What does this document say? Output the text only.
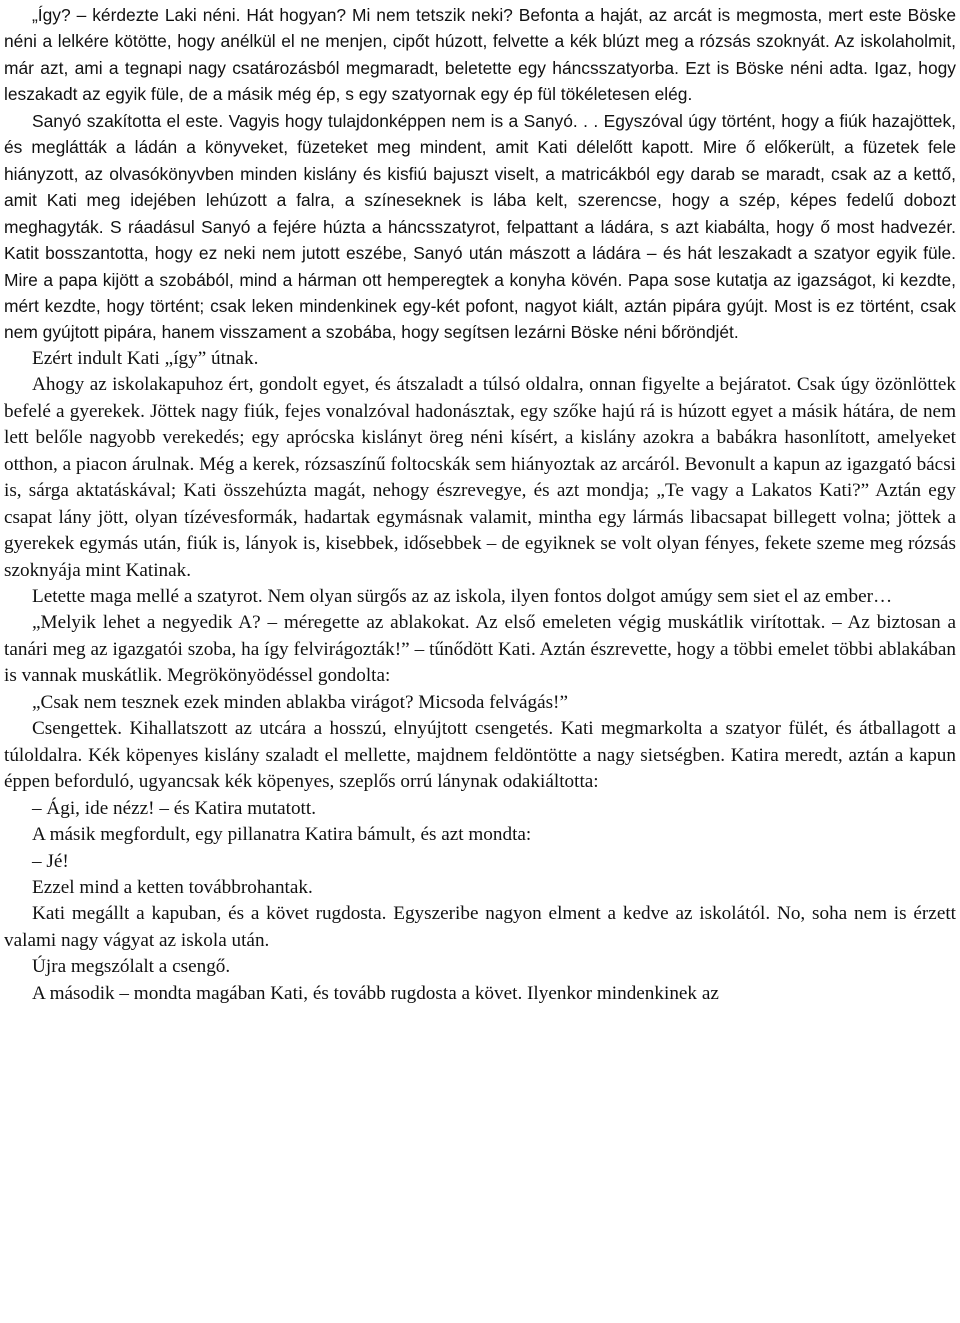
„Így? – kérdezte Laki néni. Hát hogyan? Mi nem tetszik neki? Befonta a haját, az arcát is megmosta, mert este Böske néni a lelkére kötötte, hogy anélkül el ne menjen, cipőt húzott, felvette a kék blúzt meg a rózsás szoknyát. Az iskolaholmit, már azt, ami a tegnapi nagy csatározásból megmaradt, beletette egy háncsszatyorba. Ezt is Böske néni adta. Igaz, hogy leszakadt az egyik füle, de a másik még ép, s egy szatyornak egy ép fül tökéletesen elég.

Sanyó szakította el este. Vagyis hogy tulajdonképpen nem is a Sanyó. . . Egyszóval úgy történt, hogy a fiúk hazajöttek, és meglátták a ládán a könyveket, füzeteket meg mindent, amit Kati délelőtt kapott. Mire ő előkerült, a füzetek fele hiányzott, az olvasókönyvben minden kislány és kisfiú bajuszt viselt, a matricákból egy darab se maradt, csak az a kettő, amit Kati meg idejében lehúzott a falra, a színeseknek is lába kelt, szerencse, hogy a szép, képes fedelű dobozt meghagyták. S ráadásul Sanyó a fejére húzta a háncsszatyrot, felpattant a ládára, s azt kiabálta, hogy ő most hadvezér. Katit bosszantotta, hogy ez neki nem jutott eszébe, Sanyó után mászott a ládára – és hát leszakadt a szatyor egyik füle. Mire a papa kijött a szobából, mind a hárman ott hemperegtek a konyha kövén. Papa sose kutatja az igazságot, ki kezdte, mért kezdte, hogy történt; csak leken mindenkinek egy-két pofont, nagyot kiált, aztán pipára gyújt. Most is ez történt, csak nem gyújtott pipára, hanem visszament a szobába, hogy segítsen lezárni Böske néni bőröndjét.

Ezért indult Kati „így” útnak.

Ahogy az iskolakapuhoz ért, gondolt egyet, és átszaladt a túlsó oldalra, onnan figyelte a bejáratot. Csak úgy özönlöttek befelé a gyerekek. Jöttek nagy fiúk, fejes vonalzóval hadonásztak, egy szőke hajú rá is húzott egyet a másik hátára, de nem lett belőle nagyobb verekedés; egy aprócska kislányt öreg néni kísért, a kislány azokra a babákra hasonlított, amelyeket otthon, a piacon árulnak. Még a kerek, rózsaszínű foltocskák sem hiányoztak az arcáról. Bevonult a kapun az igazgató bácsi is, sárga aktatáskával; Kati összehúzta magát, nehogy észrevegye, és azt mondja; „Te vagy a Lakatos Kati?” Aztán egy csapat lány jött, olyan tízévesformák, hadartak egymásnak valamit, mintha egy lármás libacsapat billegett volna; jöttek a gyerekek egymás után, fiúk is, lányok is, kisebbek, idősebbek – de egyiknek se volt olyan fényes, fekete szeme meg rózsás szoknyája mint Katinak.

Letette maga mellé a szatyrot. Nem olyan sürgős az az iskola, ilyen fontos dolgot amúgy sem siet el az ember…

„Melyik lehet a negyedik A? – méregette az ablakokat. Az első emeleten végig muskátlik virítottak. – Az biztosan a tanári meg az igazgatói szoba, ha így felvirágozták!” – tűnődött Kati. Aztán észrevette, hogy a többi emelet többi ablakában is vannak muskátlik. Megrökönyödéssel gondolta:

„Csak nem tesznek ezek minden ablakba virágot? Micsoda felvágás!”

Csengettek. Kihallatszott az utcára a hosszú, elnyújtott csengetés. Kati megmarkolta a szatyor fülét, és átballagott a túloldalra. Kék köpenyes kislány szaladt el mellette, majdnem feldöntötte a nagy sietségben. Katira meredt, aztán a kapun éppen beforduló, ugyancsak kék köpenyes, szeplős orrú lánynak odakiáltotta:

– Ági, ide nézz! – és Katira mutatott.

A másik megfordult, egy pillanatra Katira bámult, és azt mondta:

– Jé!

Ezzel mind a ketten továbbrohantak.

Kati megállt a kapuban, és a követ rugdosta. Egyszeribe nagyon elment a kedve az iskolától. No, soha nem is érzett valami nagy vágyat az iskola után.

Újra megszólalt a csengő.

A második – mondta magában Kati, és tovább rugdosta a követ. Ilyenkor mindenkinek az
